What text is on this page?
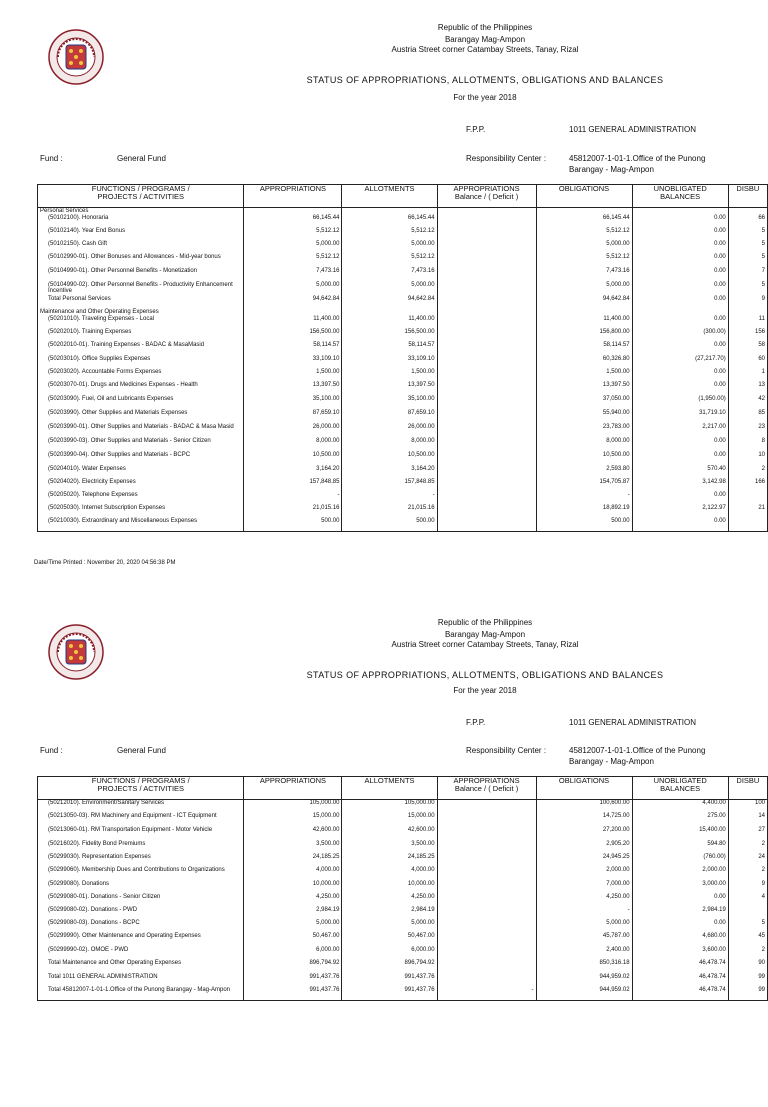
Republic of the Philippines
Barangay Mag-Ampon
Austria Street corner Catambay Streets, Tanay, Rizal
STATUS OF APPROPRIATIONS, ALLOTMENTS, OBLIGATIONS AND BALANCES
For the year 2018
F.P.P.	1011 GENERAL ADMINISTRATION
Fund :	General Fund	Responsibility Center :	45812007-1-01-1.Office of the Punong
Barangay - Mag-Ampon
FUNCTIONS / PROGRAMS /
PROJECTS / ACTIVITIES	APPROPRIATIONS	ALLOTMENTS	APPROPRIATIONS
Balance / ( Deficit )	OBLIGATIONS	UNOBLIGATED
BALANCES	DISBU
Personal Services						
(50102100). Honoraria	66,145.44	66,145.44		66,145.44	0.00	66
(50102140). Year End Bonus	5,512.12	5,512.12		5,512.12	0.00	5
(50102150). Cash Gift	5,000.00	5,000.00		5,000.00	0.00	5
(50102990-01). Other Bonuses and Allowances - Mid-year bonus	5,512.12	5,512.12		5,512.12	0.00	5
(50104990-01). Other Personnel Benefits - Monetization	7,473.16	7,473.16		7,473.16	0.00	7
(50104990-02). Other Personnel Benefits - Productivity Enhancement Incentive	5,000.00	5,000.00		5,000.00	0.00	5
Total Personal Services	94,642.84	94,642.84		94,642.84	0.00	9
Maintenance and Other Operating Expenses						
(50201010). Traveling Expenses - Local	11,400.00	11,400.00		11,400.00	0.00	11
(50202010). Training Expenses	156,500.00	156,500.00		156,800.00	(300.00)	156
(50202010-01). Training Expenses - BADAC & MasaMasid	58,114.57	58,114.57		58,114.57	0.00	58
(50203010). Office Supplies Expenses	33,109.10	33,109.10		60,326.80	(27,217.70)	60
(50203020). Accountable Forms Expenses	1,500.00	1,500.00		1,500.00	0.00	1
(50203070-01). Drugs and Medicines Expenses - Health	13,397.50	13,397.50		13,397.50	0.00	13
(50203090). Fuel, Oil and Lubricants Expenses	35,100.00	35,100.00		37,050.00	(1,950.00)	42
(50203990). Other Supplies and Materials Expenses	87,659.10	87,659.10		55,940.00	31,719.10	85
(50203990-01). Other Supplies and Materials - BADAC & Masa Masid	26,000.00	26,000.00		23,783.00	2,217.00	23
(50203990-03). Other Supplies and Materials - Senior Citizen	8,000.00	8,000.00		8,000.00	0.00	8
(50203990-04). Other Supplies and Materials - BCPC	10,500.00	10,500.00		10,500.00	0.00	10
(50204010). Water Expenses	3,164.20	3,164.20		2,593.80	570.40	2
(50204020). Electricity Expenses	157,848.85	157,848.85		154,705.87	3,142.98	166
(50205020). Telephone Expenses	-	-		-	0.00	
(50205030). Internet Subscription Expenses	21,015.16	21,015.16		18,892.19	2,122.97	21
(50210030). Extraordinary and Miscellaneous Expenses	500.00	500.00		500.00	0.00	
Date/Time Printed : November 20, 2020 04:56:38 PM
Republic of the Philippines
Barangay Mag-Ampon
Austria Street corner Catambay Streets, Tanay, Rizal
STATUS OF APPROPRIATIONS, ALLOTMENTS, OBLIGATIONS AND BALANCES
For the year 2018
F.P.P.	1011 GENERAL ADMINISTRATION
Fund :	General Fund	Responsibility Center :	45812007-1-01-1.Office of the Punong
Barangay - Mag-Ampon
FUNCTIONS / PROGRAMS /
PROJECTS / ACTIVITIES	APPROPRIATIONS	ALLOTMENTS	APPROPRIATIONS
Balance / ( Deficit )	OBLIGATIONS	UNOBLIGATED
BALANCES	DISBU
(50212010). Environment/Sanitary Services	105,000.00	105,000.00		100,600.00	4,400.00	100
(50213050-03). RM Machinery and Equipment - ICT Equipment	15,000.00	15,000.00		14,725.00	275.00	14
(50213060-01). RM Transportation Equipment - Motor Vehicle	42,600.00	42,600.00		27,200.00	15,400.00	27
(50216020). Fidelity Bond Premiums	3,500.00	3,500.00		2,905.20	594.80	2
(50299030). Representation Expenses	24,185.25	24,185.25		24,945.25	(760.00)	24
(50299060). Membership Dues and Contributions to Organizations	4,000.00	4,000.00		2,000.00	2,000.00	2
(50299080). Donations	10,000.00	10,000.00		7,000.00	3,000.00	9
(50299080-01). Donations - Senior Citizen	4,250.00	4,250.00		4,250.00	0.00	4
(50299080-02). Donations - PWD	2,984.19	2,984.19		-	2,984.19	
(50299080-03). Donations - BCPC	5,000.00	5,000.00		5,000.00	0.00	5
(50299990). Other Maintenance and Operating Expenses	50,467.00	50,467.00		45,787.00	4,680.00	45
(50299990-02). OMOE - PWD	6,000.00	6,000.00		2,400.00	3,600.00	2
Total Maintenance and Other Operating Expenses	896,794.92	896,794.92		850,316.18	46,478.74	90
Total 1011 GENERAL ADMINISTRATION	991,437.76	991,437.76		944,959.02	46,478.74	99
Total 45812007-1-01-1.Office of the Punong Barangay - Mag-Ampon	991,437.76	991,437.76	-	944,959.02	46,478.74	99
